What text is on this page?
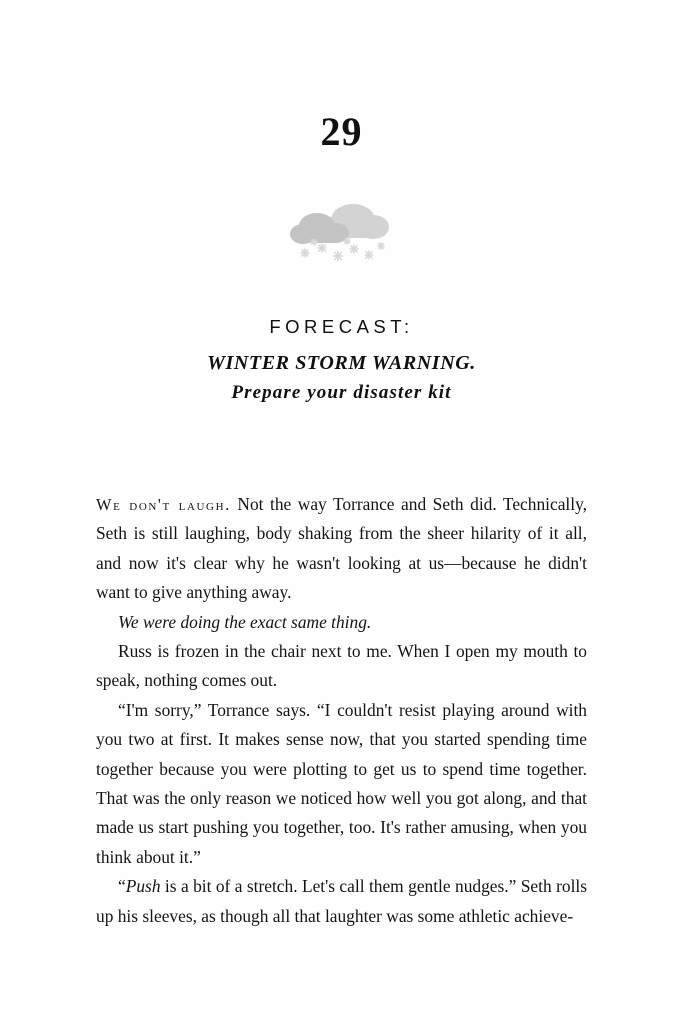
29
FORECAST:
WINTER STORM WARNING.
Prepare your disaster kit

We don't laugh. Not the way Torrance and Seth did. Technically, Seth is still laughing, body shaking from the sheer hilarity of it all, and now it's clear why he wasn't looking at us—because he didn't want to give anything away.

We were doing the exact same thing.

Russ is frozen in the chair next to me. When I open my mouth to speak, nothing comes out.

“I'm sorry,” Torrance says. “I couldn't resist playing around with you two at first. It makes sense now, that you started spending time together because you were plotting to get us to spend time together. That was the only reason we noticed how well you got along, and that made us start pushing you together, too. It's rather amusing, when you think about it.”

“Push is a bit of a stretch. Let's call them gentle nudges.” Seth rolls up his sleeves, as though all that laughter was some athletic achieve-
